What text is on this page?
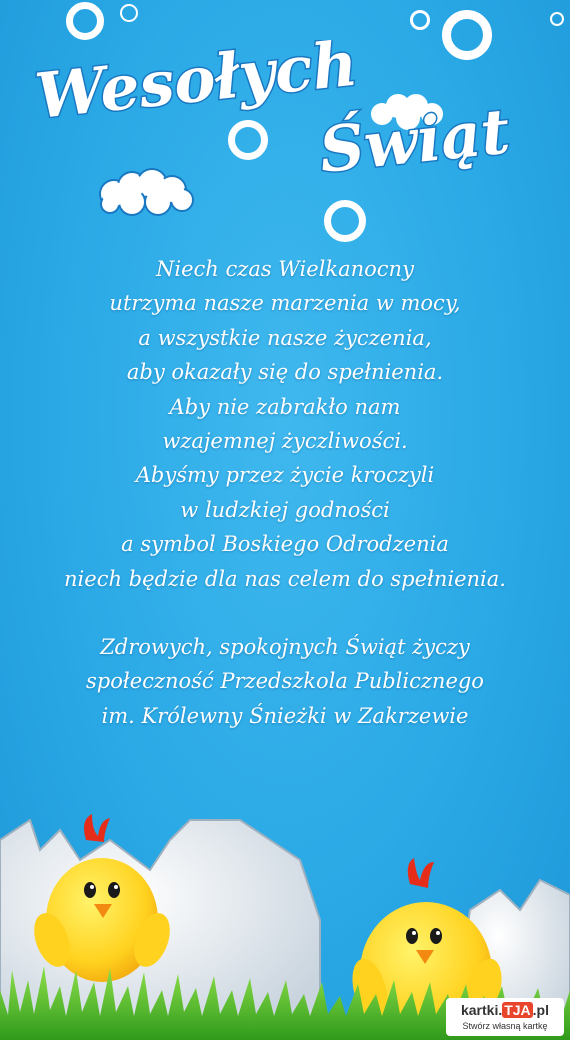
Wesołych
Świąt
Niech czas Wielkanocny
utrzyma nasze marzenia w mocy,
a wszystkie nasze życzenia,
aby okazały się do spełnienia.
Aby nie zabrakło nam
wzajemnej życzliwości.
Abyśmy przez życie kroczyli
w ludzkiej godności
a symbol Boskiego Odrodzenia
niech będzie dla nas celem do spełnienia.
Zdrowych, spokojnych Świąt życzy
społeczność Przedszkola Publicznego
im. Królewny Śnieżki w Zakrzewie
kartki. TJA .pl
Stwórz własną kartkę
